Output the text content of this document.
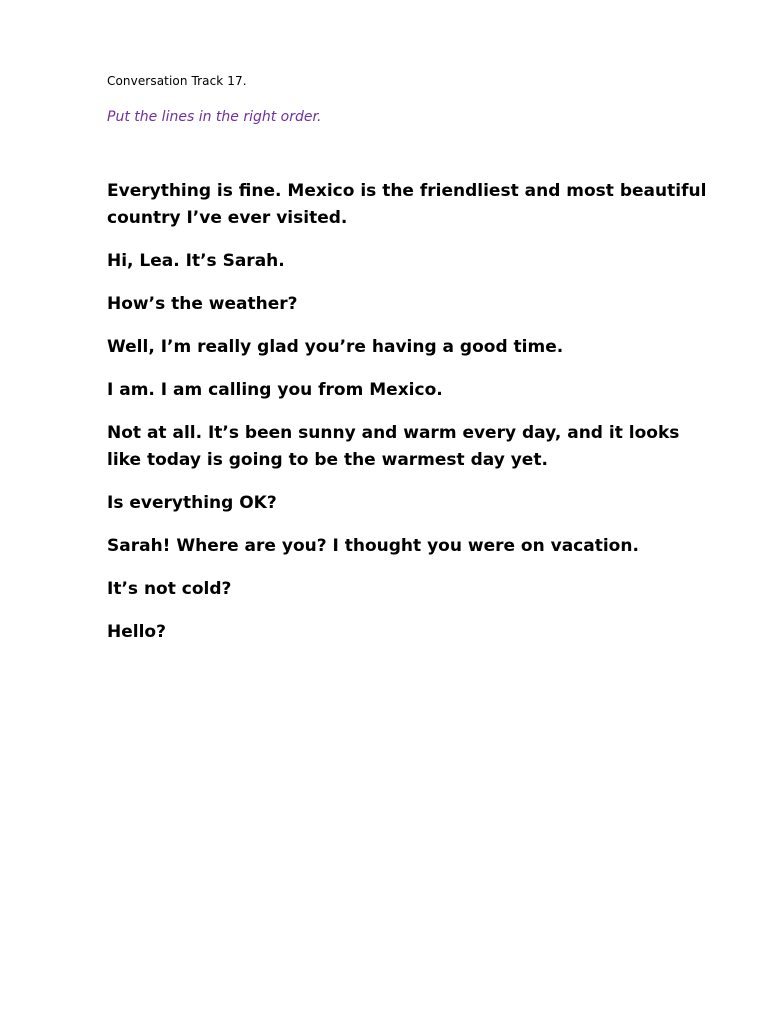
Conversation Track 17.
Put the lines in the right order.
Everything is fine. Mexico is the friendliest and most beautiful country I’ve ever visited.
Hi, Lea. It’s Sarah.
How’s the weather?
Well, I’m really glad you’re having a good time.
I am. I am calling you from Mexico.
Not at all. It’s been sunny and warm every day, and it looks like today is going to be the warmest day yet.
Is everything OK?
Sarah! Where are you? I thought you were on vacation.
It’s not cold?
Hello?
